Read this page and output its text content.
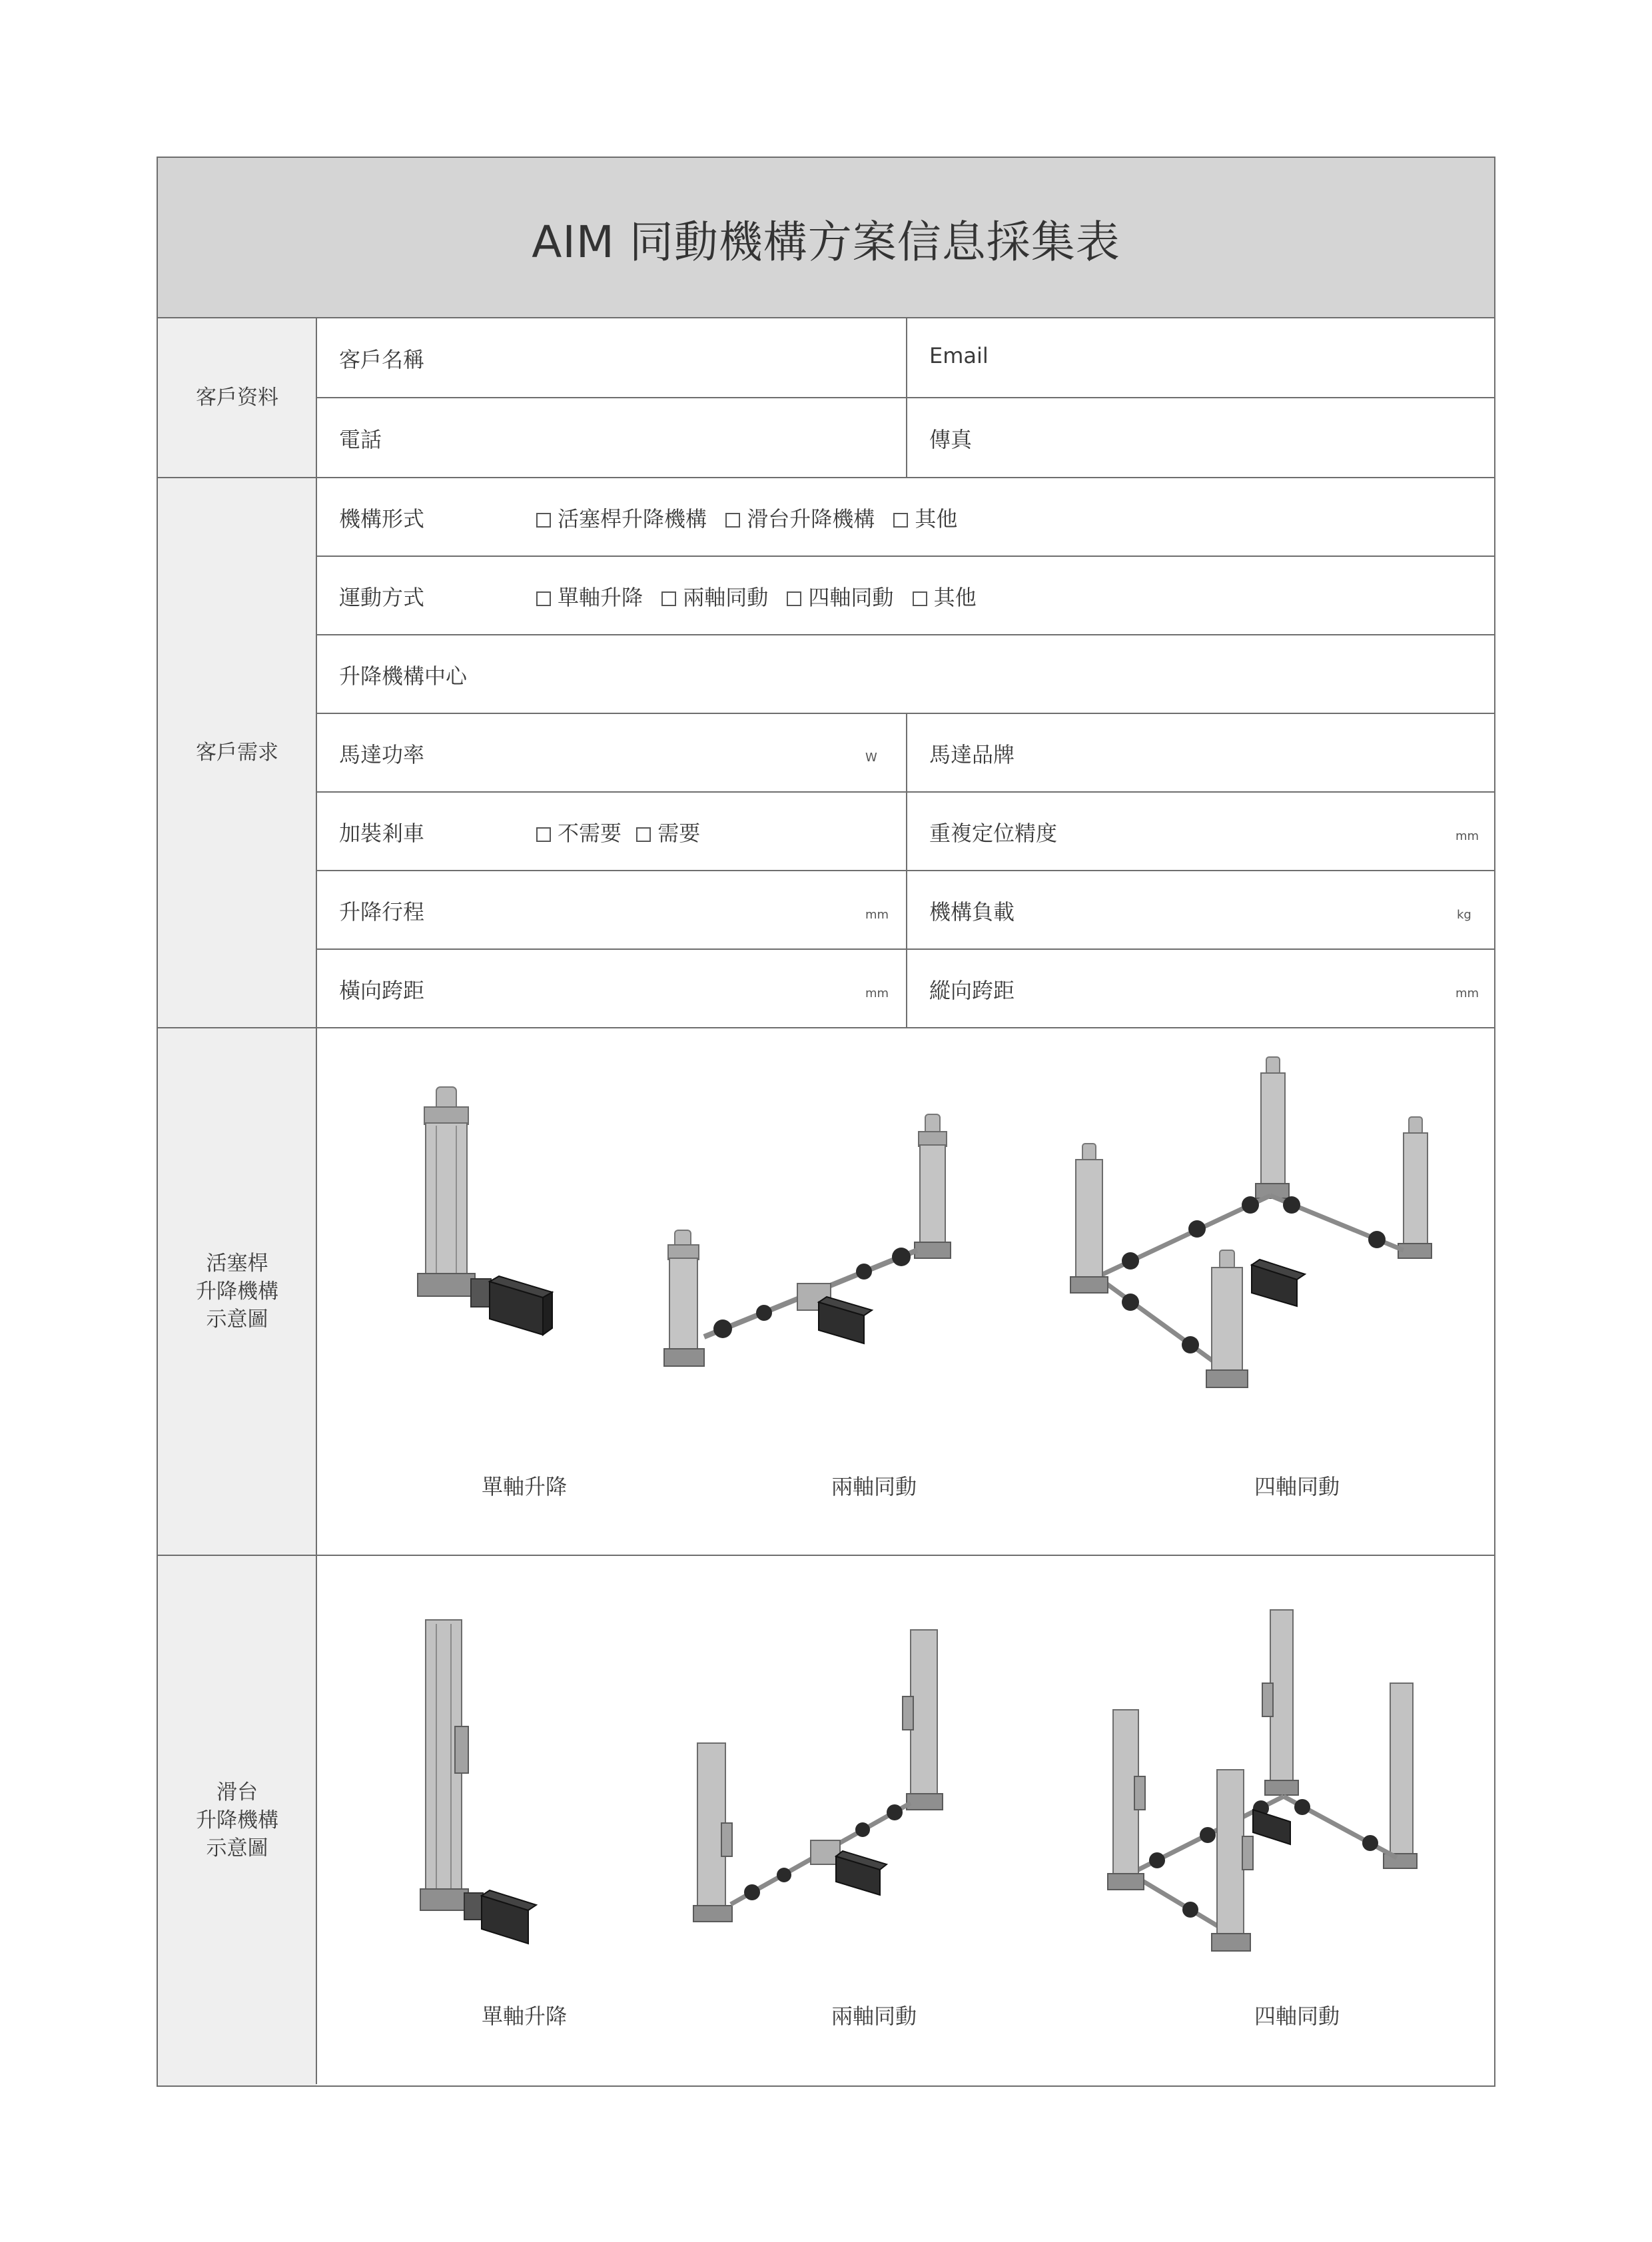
AIM 同動機構方案信息採集表
客戶资料
客戶需求
活塞桿
升降機構
示意圖
滑台
升降機構
示意圖
客戶名稱	Email
電話	傳真
機構形式	活塞桿升降機構 滑台升降機構 其他
運動方式	單軸升降 兩軸同動 四軸同動 其他
升降機構中心
馬達功率	W 馬達品牌
加裝剎車	不需要 需要	重複定位精度	mm
升降行程	mm 機構負載	kg
橫向跨距	mm 縱向跨距	mm
單軸升降	兩軸同動	四軸同動
單軸升降	兩軸同動	四軸同動
